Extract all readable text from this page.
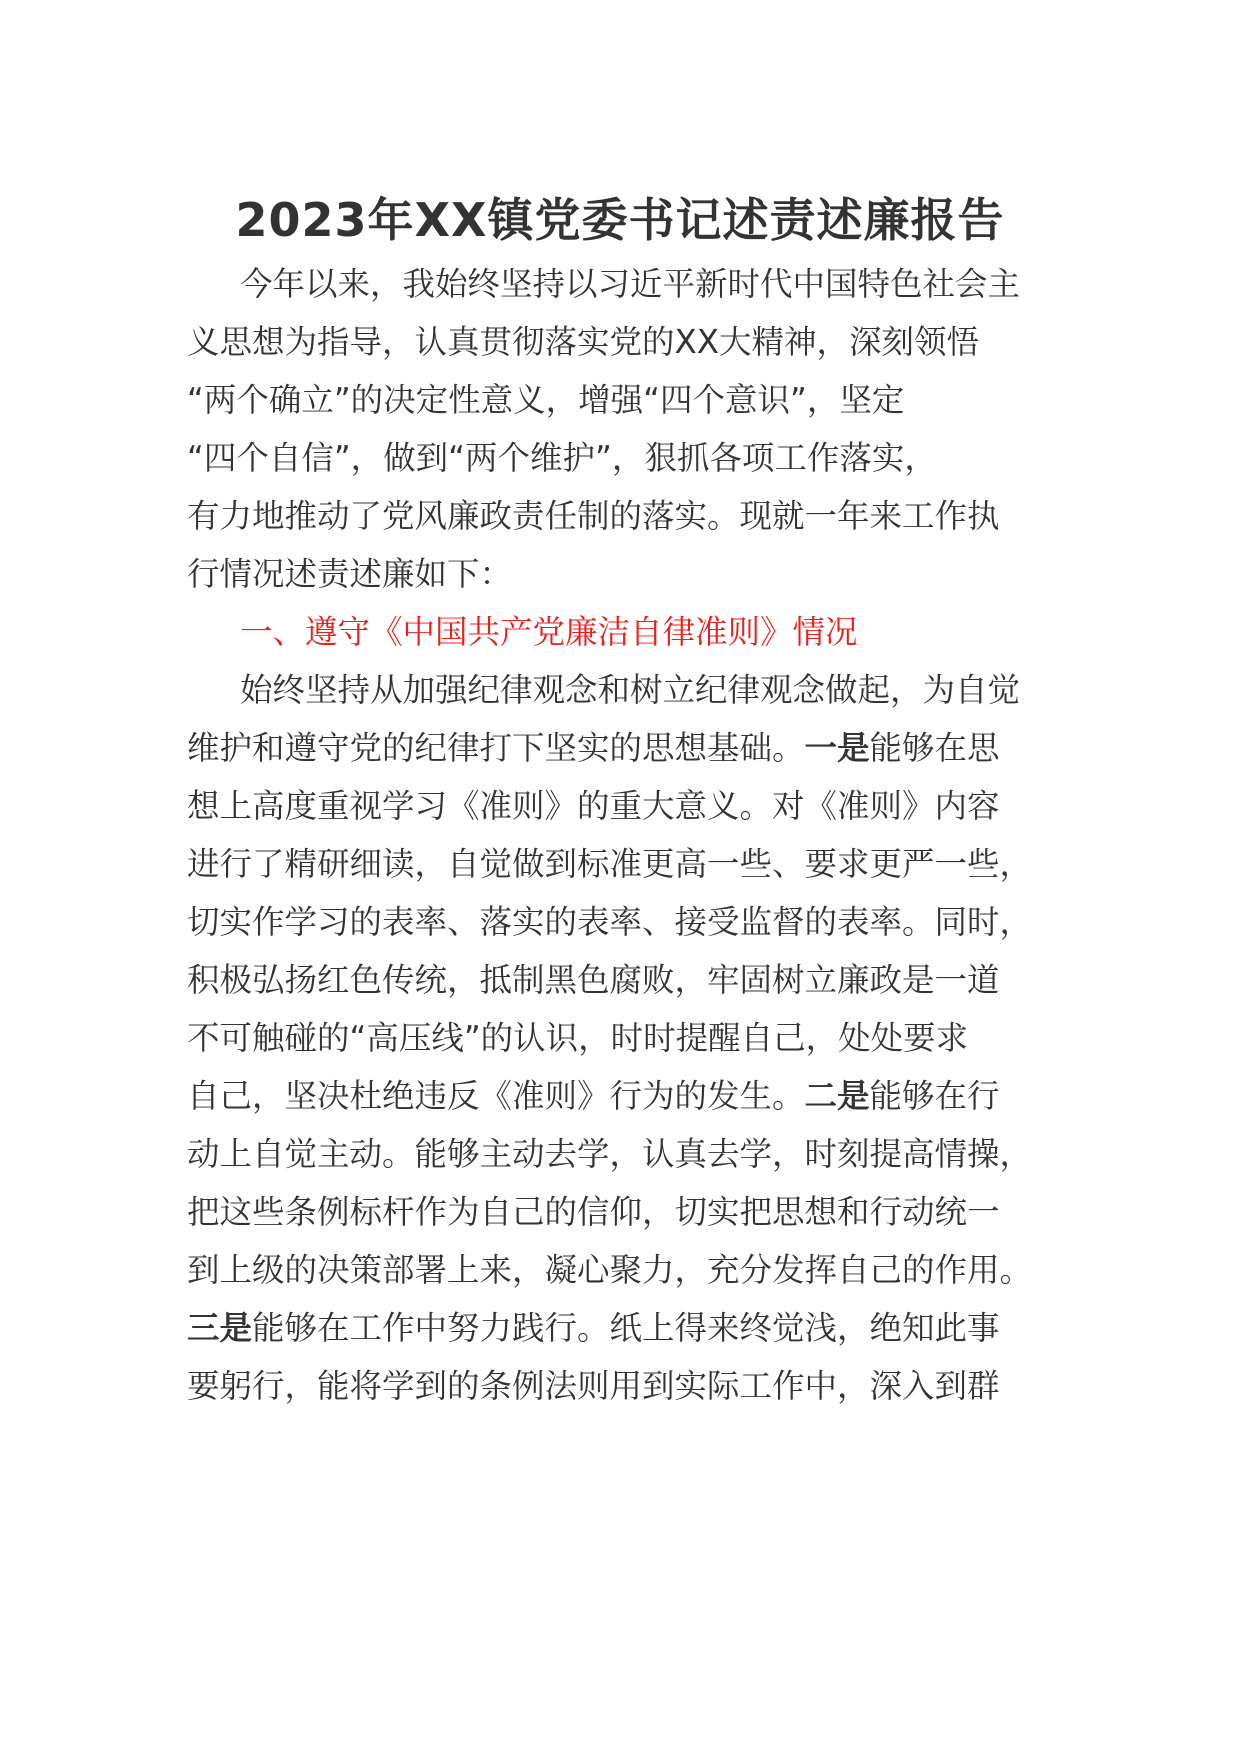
2023年XX镇党委书记述责述廉报告
今年以来，我始终坚持以习近平新时代中国特色社会主
义思想为指导，认真贯彻落实党的XX大精神，深刻领悟
“两个确立”的决定性意义，增强“四个意识”，坚定
“四个自信”，做到“两个维护”，狠抓各项工作落实，
有力地推动了党风廉政责任制的落实。现就一年来工作执
行情况述责述廉如下：
一、遵守《中国共产党廉洁自律准则》情况
始终坚持从加强纪律观念和树立纪律观念做起，为自觉
维护和遵守党的纪律打下坚实的思想基础。一是能够在思
想上高度重视学习《准则》的重大意义。对《准则》内容
进行了精研细读，自觉做到标准更高一些、要求更严一些，
切实作学习的表率、落实的表率、接受监督的表率。同时，
积极弘扬红色传统，抵制黑色腐败，牢固树立廉政是一道
不可触碰的“高压线”的认识，时时提醒自己，处处要求
自己，坚决杜绝违反《准则》行为的发生。二是能够在行
动上自觉主动。能够主动去学，认真去学，时刻提高情操，
把这些条例标杆作为自己的信仰，切实把思想和行动统一
到上级的决策部署上来，凝心聚力，充分发挥自己的作用。
三是能够在工作中努力践行。纸上得来终觉浅，绝知此事
要躬行，能将学到的条例法则用到实际工作中，深入到群
